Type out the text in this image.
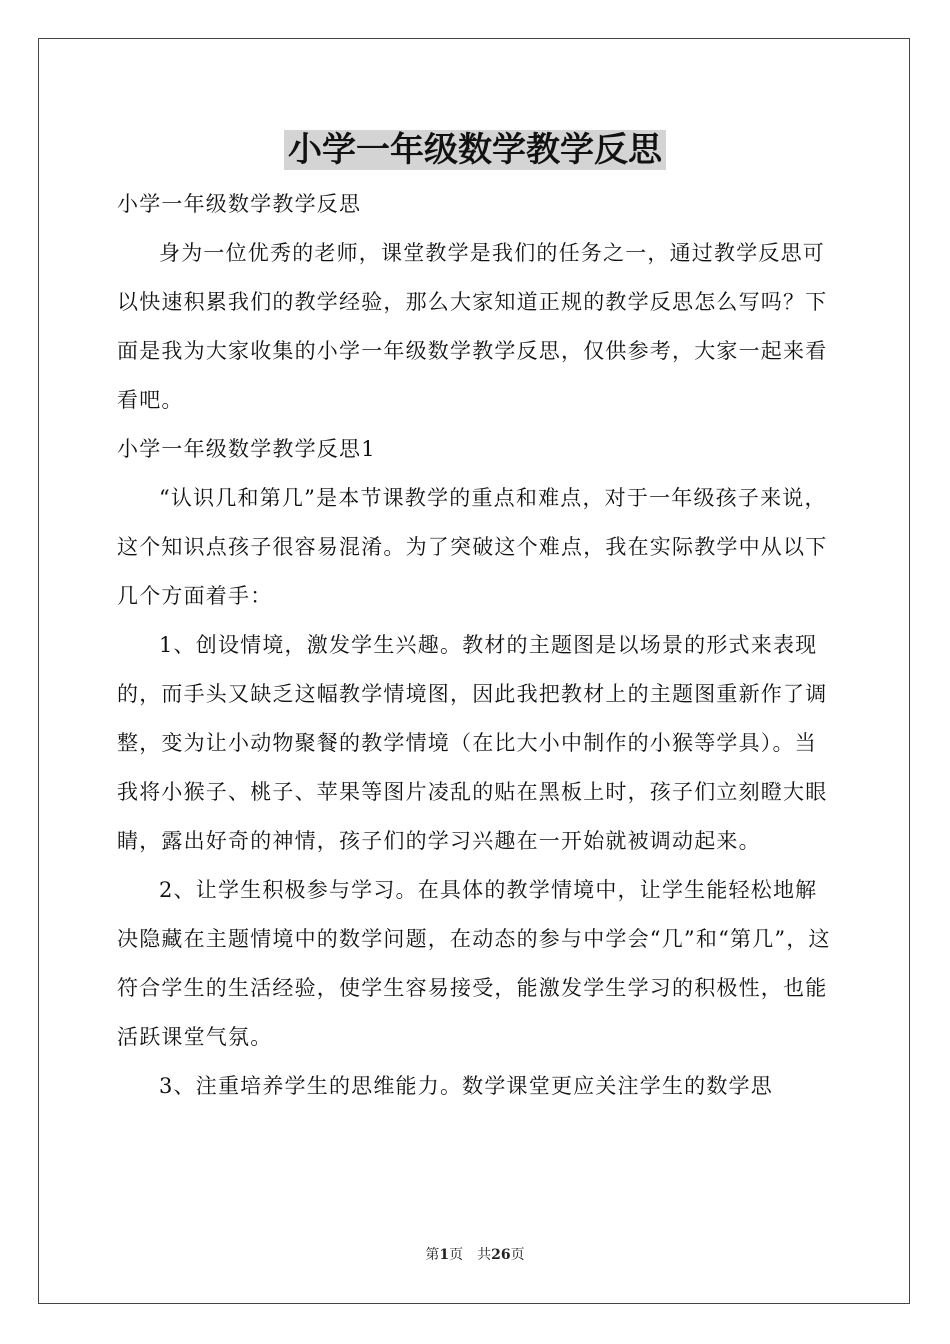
小学一年级数学教学反思

小学一年级数学教学反思

身为一位优秀的老师，课堂教学是我们的任务之一，通过教学反思可以快速积累我们的教学经验，那么大家知道正规的教学反思怎么写吗？下面是我为大家收集的小学一年级数学教学反思，仅供参考，大家一起来看看吧。

小学一年级数学教学反思1

“认识几和第几”是本节课教学的重点和难点，对于一年级孩子来说，这个知识点孩子很容易混淆。为了突破这个难点，我在实际教学中从以下几个方面着手：

1、创设情境，激发学生兴趣。教材的主题图是以场景的形式来表现的，而手头又缺乏这幅教学情境图，因此我把教材上的主题图重新作了调整，变为让小动物聚餐的教学情境（在比大小中制作的小猴等学具）。当我将小猴子、桃子、苹果等图片凌乱的贴在黑板上时，孩子们立刻瞪大眼睛，露出好奇的神情，孩子们的学习兴趣在一开始就被调动起来。

2、让学生积极参与学习。在具体的教学情境中，让学生能轻松地解决隐藏在主题情境中的数学问题，在动态的参与中学会“几”和“第几”，这符合学生的生活经验，使学生容易接受，能激发学生学习的积极性，也能活跃课堂气氛。

3、注重培养学生的思维能力。数学课堂更应关注学生的数学思

第1页　共26页
